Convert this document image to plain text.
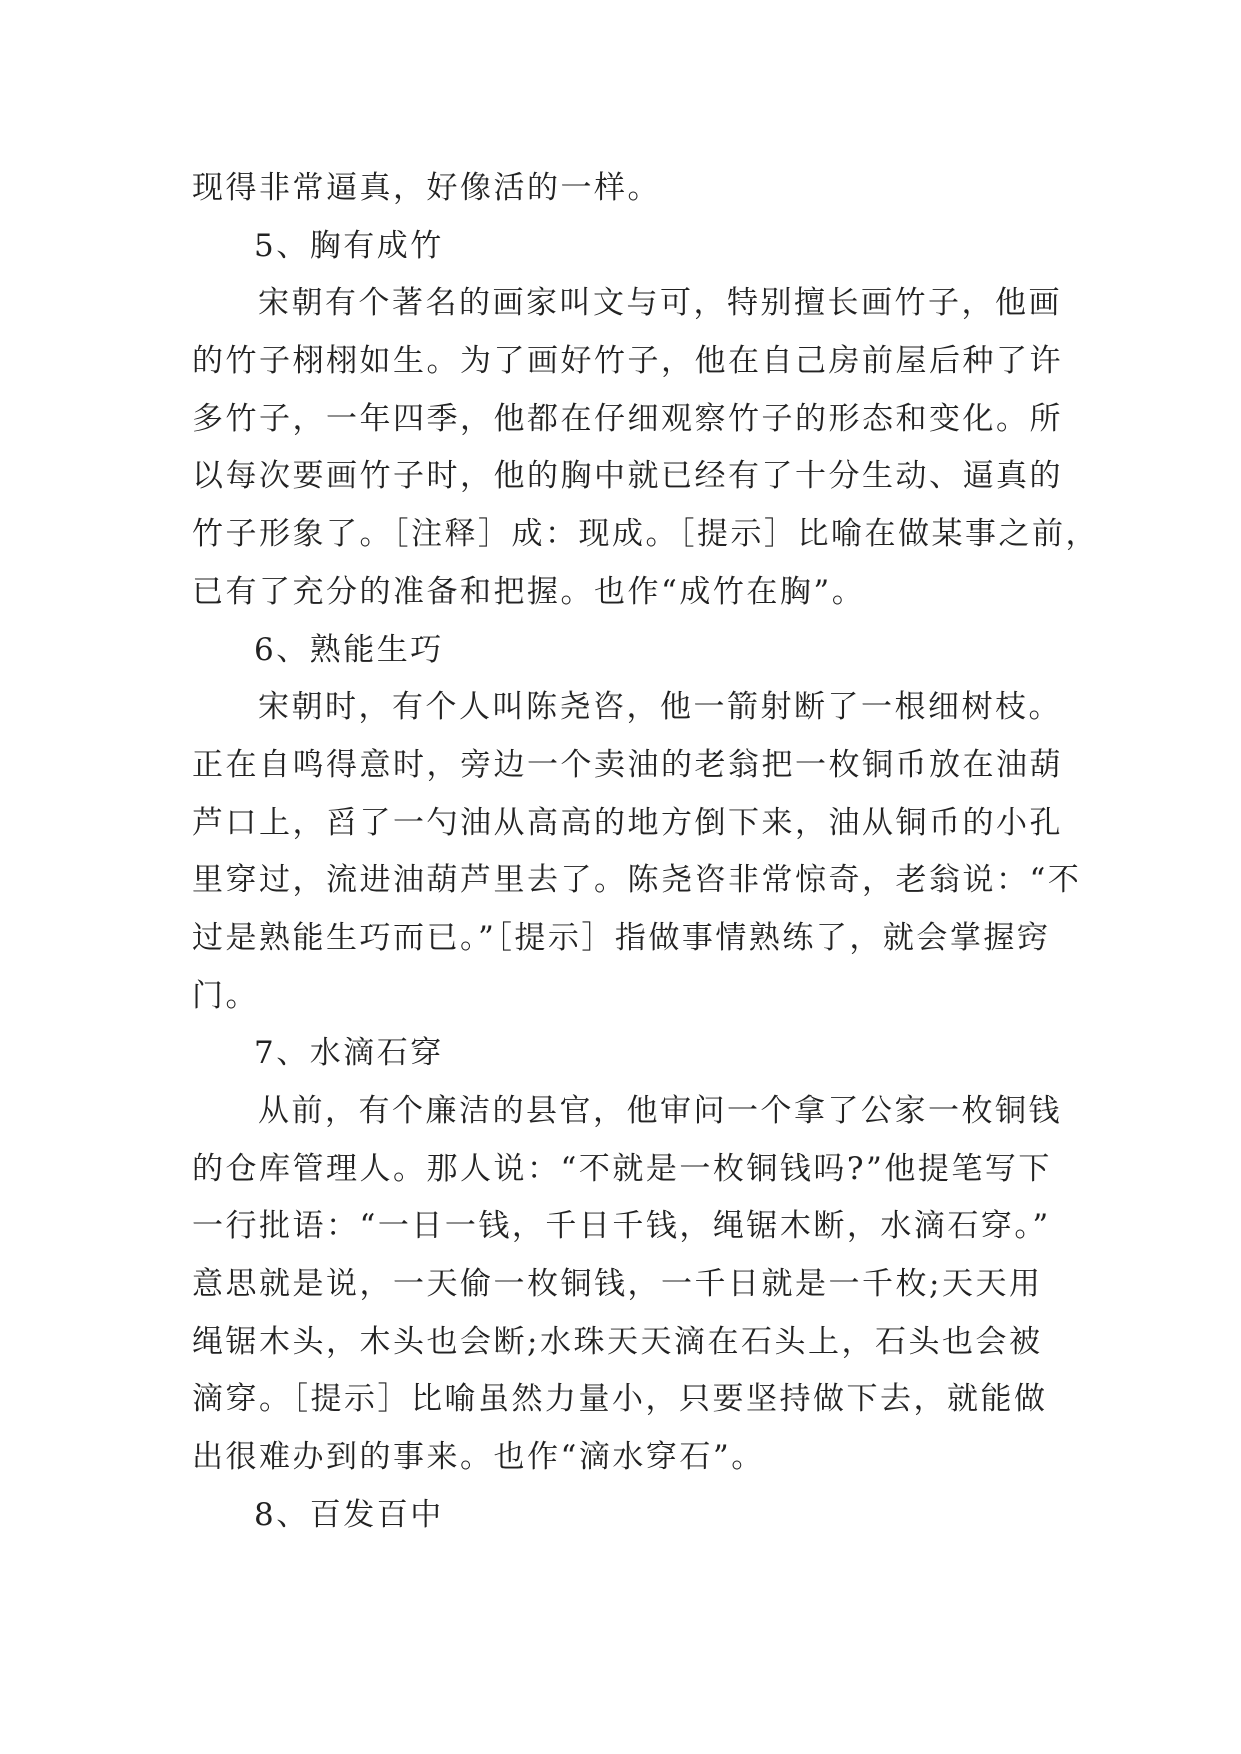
现得非常逼真，好像活的一样。
5、胸有成竹
宋朝有个著名的画家叫文与可，特别擅长画竹子，他画
的竹子栩栩如生。为了画好竹子，他在自己房前屋后种了许
多竹子，一年四季，他都在仔细观察竹子的形态和变化。所
以每次要画竹子时，他的胸中就已经有了十分生动、逼真的
竹子形象了。［注释］成：现成。［提示］比喻在做某事之前，
已有了充分的准备和把握。也作“成竹在胸”。
6、熟能生巧
宋朝时，有个人叫陈尧咨，他一箭射断了一根细树枝。
正在自鸣得意时，旁边一个卖油的老翁把一枚铜币放在油葫
芦口上，舀了一勺油从高高的地方倒下来，油从铜币的小孔
里穿过，流进油葫芦里去了。陈尧咨非常惊奇，老翁说：“不
过是熟能生巧而已。”［提示］指做事情熟练了，就会掌握窍
门。
7、水滴石穿
从前，有个廉洁的县官，他审问一个拿了公家一枚铜钱
的仓库管理人。那人说：“不就是一枚铜钱吗?”他提笔写下
一行批语：“一日一钱，千日千钱，绳锯木断，水滴石穿。”
意思就是说，一天偷一枚铜钱，一千日就是一千枚;天天用
绳锯木头，木头也会断;水珠天天滴在石头上，石头也会被
滴穿。［提示］比喻虽然力量小，只要坚持做下去，就能做
出很难办到的事来。也作“滴水穿石”。
8、百发百中
